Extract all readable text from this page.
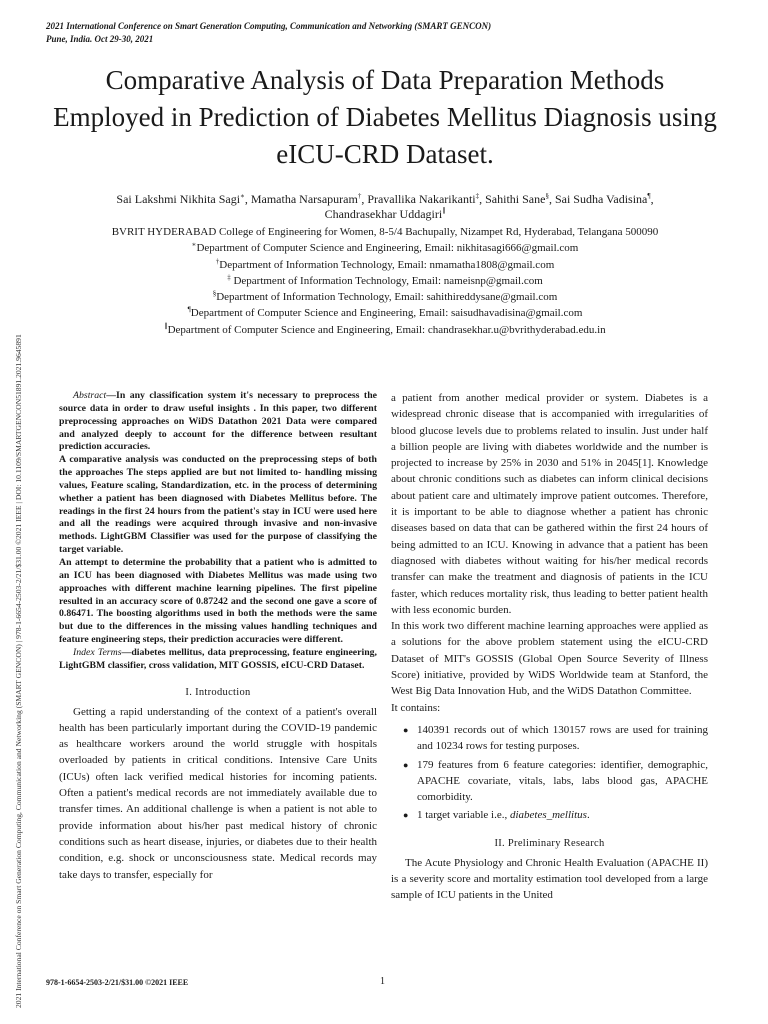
2021 International Conference on Smart Generation Computing, Communication and Networking (SMART GENCON)
Pune, India. Oct 29-30, 2021
2021 International Conference on Smart Generation Computing, Communication and Networking (SMART GENCON) | 978-1-6654-2503-2/21/$31.00 ©2021 IEEE | DOI: 10.1109/SMARTGENCON51891.2021.9645891
Comparative Analysis of Data Preparation Methods Employed in Prediction of Diabetes Mellitus Diagnosis using eICU-CRD Dataset.
Sai Lakshmi Nikhita Sagi∗, Mamatha Narsapuram†, Pravallika Nakarikanti‡, Sahithi Sane§, Sai Sudha Vadisina¶,
Chandrasekhar Uddagiri∥
BVRIT HYDERABAD College of Engineering for Women, 8-5/4 Bachupally, Nizampet Rd, Hyderabad, Telangana 500090
∗Department of Computer Science and Engineering, Email: nikhitasagi666@gmail.com
†Department of Information Technology, Email: nmamatha1808@gmail.com
‡ Department of Information Technology, Email: nameisnp@gmail.com
§Department of Information Technology, Email: sahithireddysane@gmail.com
¶Department of Computer Science and Engineering, Email: saisudhavadisina@gmail.com
∥Department of Computer Science and Engineering, Email: chandrasekhar.u@bvrithyderabad.edu.in

Abstract—In any classification system it's necessary to preprocess the source data in order to draw useful insights . In this paper, two different preprocessing approaches on WiDS Datathon 2021 Data were compared and analyzed deeply to account for the difference between resultant prediction accuracies.

A comparative analysis was conducted on the preprocessing steps of both the approaches The steps applied are but not limited to- handling missing values, Feature scaling, Standardization, etc. in the process of determining whether a patient has been diagnosed with Diabetes Mellitus before. The readings in the first 24 hours from the patient's stay in ICU were used here and all the readings were acquired through invasive and non-invasive methods. LightGBM Classifier was used for the purpose of classifying the target variable.

An attempt to determine the probability that a patient who is admitted to an ICU has been diagnosed with Diabetes Mellitus was made using two approaches with different machine learning pipelines. The first pipeline resulted in an accuracy score of 0.87242 and the second one gave a score of 0.86471. The boosting algorithms used in both the methods were the same but due to the differences in the missing values handling techniques and feature engineering steps, their prediction accuracies were different.

Index Terms—diabetes mellitus, data preprocessing, feature engineering, LightGBM classifier, cross validation, MIT GOSSIS, eICU-CRD Dataset.

I. Introduction

Getting a rapid understanding of the context of a patient's overall health has been particularly important during the COVID-19 pandemic as healthcare workers around the world struggle with hospitals overloaded by patients in critical conditions. Intensive Care Units (ICUs) often lack verified medical histories for incoming patients. Often a patient's medical records are not immediately available due to transfer times. An additional challenge is when a patient is not able to provide information about his/her past medical history of chronic conditions such as heart disease, injuries, or diabetes due to their health condition, e.g. shock or unconsciousness state. Medical records may take days to transfer, especially for

a patient from another medical provider or system. Diabetes is a widespread chronic disease that is accompanied with irregularities of blood glucose levels due to problems related to insulin. Just under half a billion people are living with diabetes worldwide and the number is projected to increase by 25% in 2030 and 51% in 2045[1]. Knowledge about chronic conditions such as diabetes can inform clinical decisions about patient care and ultimately improve patient outcomes. Therefore, it is important to be able to diagnose whether a patient has chronic diseases based on data that can be gathered within the first 24 hours of being admitted to an ICU. Knowing in advance that a patient has been diagnosed with diabetes without waiting for his/her medical records transfer can make the treatment and diagnosis of patients in the ICU faster, which reduces mortality risk, thus leading to better patient health with less economic burden.

In this work two different machine learning approaches were applied as a solutions for the above problem statement using the eICU-CRD Dataset of MIT's GOSSIS (Global Open Source Severity of Illness Score) initiative, provided by WiDS Worldwide team at Stanford, the West Big Data Innovation Hub, and the WiDS Datathon Committee.

It contains:

● 140391 records out of which 130157 rows are used for training and 10234 rows for testing purposes.
● 179 features from 6 feature categories: identifier, demographic, APACHE covariate, vitals, labs, labs blood gas, APACHE comorbidity.
● 1 target variable i.e., diabetes_mellitus.
II. Preliminary Research

The Acute Physiology and Chronic Health Evaluation (APACHE II) is a severity score and mortality estimation tool developed from a large sample of ICU patients in the United

978-1-6654-2503-2/21/$31.00 ©2021 IEEE	1
